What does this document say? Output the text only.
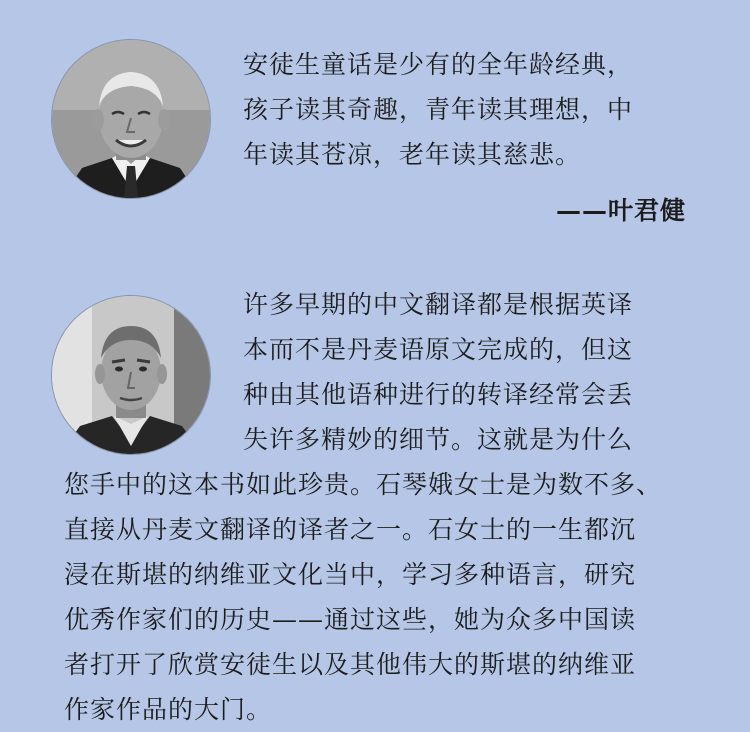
安徒生童话是少有的全年龄经典，
孩子读其奇趣，青年读其理想，中
年读其苍凉，老年读其慈悲。
——叶君健
许多早期的中文翻译都是根据英译
本而不是丹麦语原文完成的，但这
种由其他语种进行的转译经常会丢
失许多精妙的细节。这就是为什么
您手中的这本书如此珍贵。石琴娥女士是为数不多、
直接从丹麦文翻译的译者之一。石女士的一生都沉
浸在斯堪的纳维亚文化当中，学习多种语言，研究
优秀作家们的历史——通过这些，她为众多中国读
者打开了欣赏安徒生以及其他伟大的斯堪的纳维亚
作家作品的大门。
